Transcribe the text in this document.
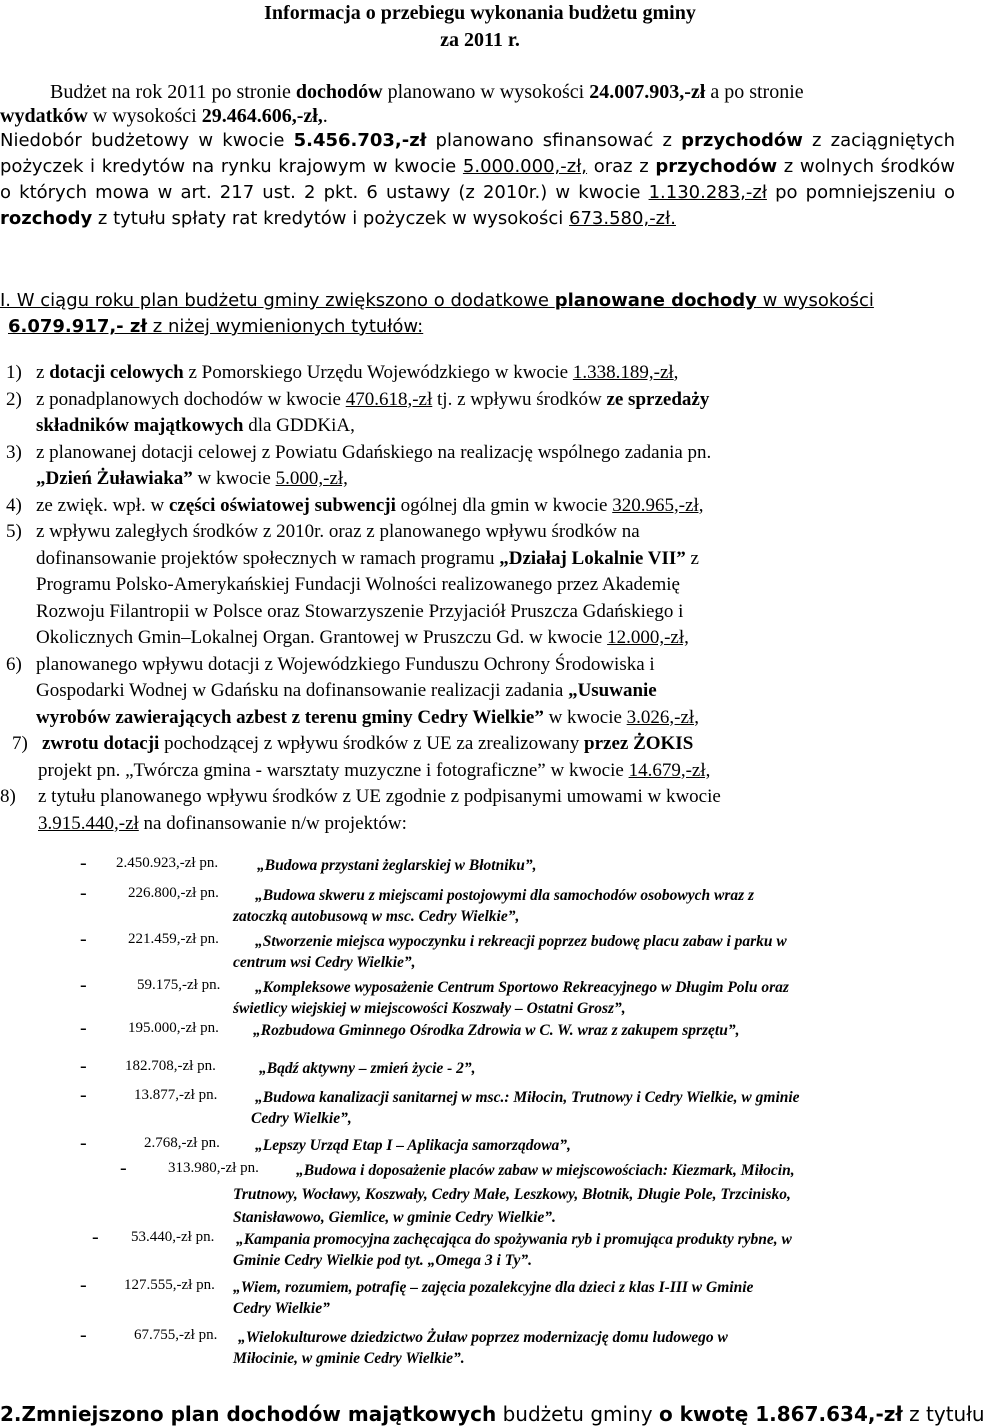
Informacja o przebiegu wykonania budżetu gminy
za 2011 r.
Budżet na rok 2011 po stronie dochodów planowano w wysokości 24.007.903,-zł a po stronie
wydatków w wysokości 29.464.606,-zł,.
Niedobór budżetowy w kwocie 5.456.703,-zł planowano sfinansować z przychodów z zaciągniętych pożyczek i kredytów na rynku krajowym w kwocie 5.000.000,-zł, oraz z przychodów z wolnych środków o których mowa w art. 217 ust. 2 pkt. 6 ustawy (z 2010r.) w kwocie 1.130.283,-zł po pomniejszeniu o rozchody z tytułu spłaty rat kredytów i pożyczek w wysokości 673.580,-zł.
I. W ciągu roku plan budżetu gminy zwiększono o dodatkowe planowane dochody w wysokości
6.079.917,- zł z niżej wymienionych tytułów:
1) z dotacji celowych z Pomorskiego Urzędu Wojewódzkiego w kwocie 1.338.189,-zł,
2) z ponadplanowych dochodów w kwocie 470.618,-zł tj. z wpływu środków ze sprzedaży
składników majątkowych dla GDDKiA,
3) z planowanej dotacji celowej z Powiatu Gdańskiego na realizację wspólnego zadania pn.
„Dzień Żuławiaka” w kwocie 5.000,-zł,
4) ze zwięk. wpł. w części oświatowej subwencji ogólnej dla gmin w kwocie 320.965,-zł,
5) z wpływu zaległych środków z 2010r. oraz z planowanego wpływu środków na
dofinansowanie projektów społecznych w ramach programu „Działaj Lokalnie VII” z
Programu Polsko-Amerykańskiej Fundacji Wolności realizowanego przez Akademię
Rozwoju Filantropii w Polsce oraz Stowarzyszenie Przyjaciół Pruszcza Gdańskiego i
Okolicznych Gmin–Lokalnej Organ. Grantowej w Pruszczu Gd. w kwocie 12.000,-zł,
6) planowanego wpływu dotacji z Wojewódzkiego Funduszu Ochrony Środowiska i
Gospodarki Wodnej w Gdańsku na dofinansowanie realizacji zadania „Usuwanie
wyrobów zawierających azbest z terenu gminy Cedry Wielkie” w kwocie 3.026,-zł,
7) zwrotu dotacji pochodzącej z wpływu środków z UE za zrealizowany przez ŻOKIS
projekt pn. „Twórcza gmina - warsztaty muzyczne i fotograficzne” w kwocie 14.679,-zł,
8)	z tytułu planowanego wpływu środków z UE zgodnie z podpisanymi umowami w kwocie
3.915.440,-zł na dofinansowanie n/w projektów:
- 2.450.923,-zł pn.	„Budowa przystani żeglarskiej w Błotniku”,
-	226.800,-zł pn. „Budowa skweru z miejscami postojowymi dla samochodów osobowych wraz z
zatoczką autobusową w msc. Cedry Wielkie”,
-	221.459,-zł pn. „Stworzenie miejsca wypoczynku i rekreacji poprzez budowę placu zabaw i parku w
centrum wsi Cedry Wielkie”,
-	59.175,-zł pn. „Kompleksowe wyposażenie Centrum Sportowo Rekreacyjnego w Długim Polu oraz
świetlicy wiejskiej w miejscowości Koszwały – Ostatni Grosz”,
-	195.000,-zł pn. „Rozbudowa Gminnego Ośrodka Zdrowia w C. W. wraz z zakupem sprzętu”,
-	182.708,-zł pn.	„Bądź aktywny – zmień życie - 2”,
-	13.877,-zł pn. „Budowa kanalizacji sanitarnej w msc.: Miłocin, Trutnowy i Cedry Wielkie, w gminie
Cedry Wielkie”,
-	2.768,-zł pn. „Lepszy Urząd Etap I – Aplikacja samorządowa”,
-	313.980,-zł pn. „Budowa i doposażenie placów zabaw w miejscowościach: Kiezmark, Miłocin,
Trutnowy, Wocławy, Koszwały, Cedry Małe, Leszkowy, Błotnik, Długie Pole, Trzcinisko,
Stanisławowo, Giemlice, w gminie Cedry Wielkie”.
- 53.440,-zł pn. „Kampania promocyjna zachęcająca do spożywania ryb i promująca produkty rybne, w
Gminie Cedry Wielkie pod tyt. „Omega 3 i Ty”.
- 127.555,-zł pn. „Wiem, rozumiem, potrafię – zajęcia pozalekcyjne dla dzieci z klas I-III w Gminie
Cedry Wielkie”
-	67.755,-zł pn. „Wielokulturowe dziedzictwo Żuław poprzez modernizację domu ludowego w
Miłocinie, w gminie Cedry Wielkie”.
2.Zmniejszono plan dochodów majątkowych budżetu gminy o kwotę 1.867.634,-zł z tytułu
